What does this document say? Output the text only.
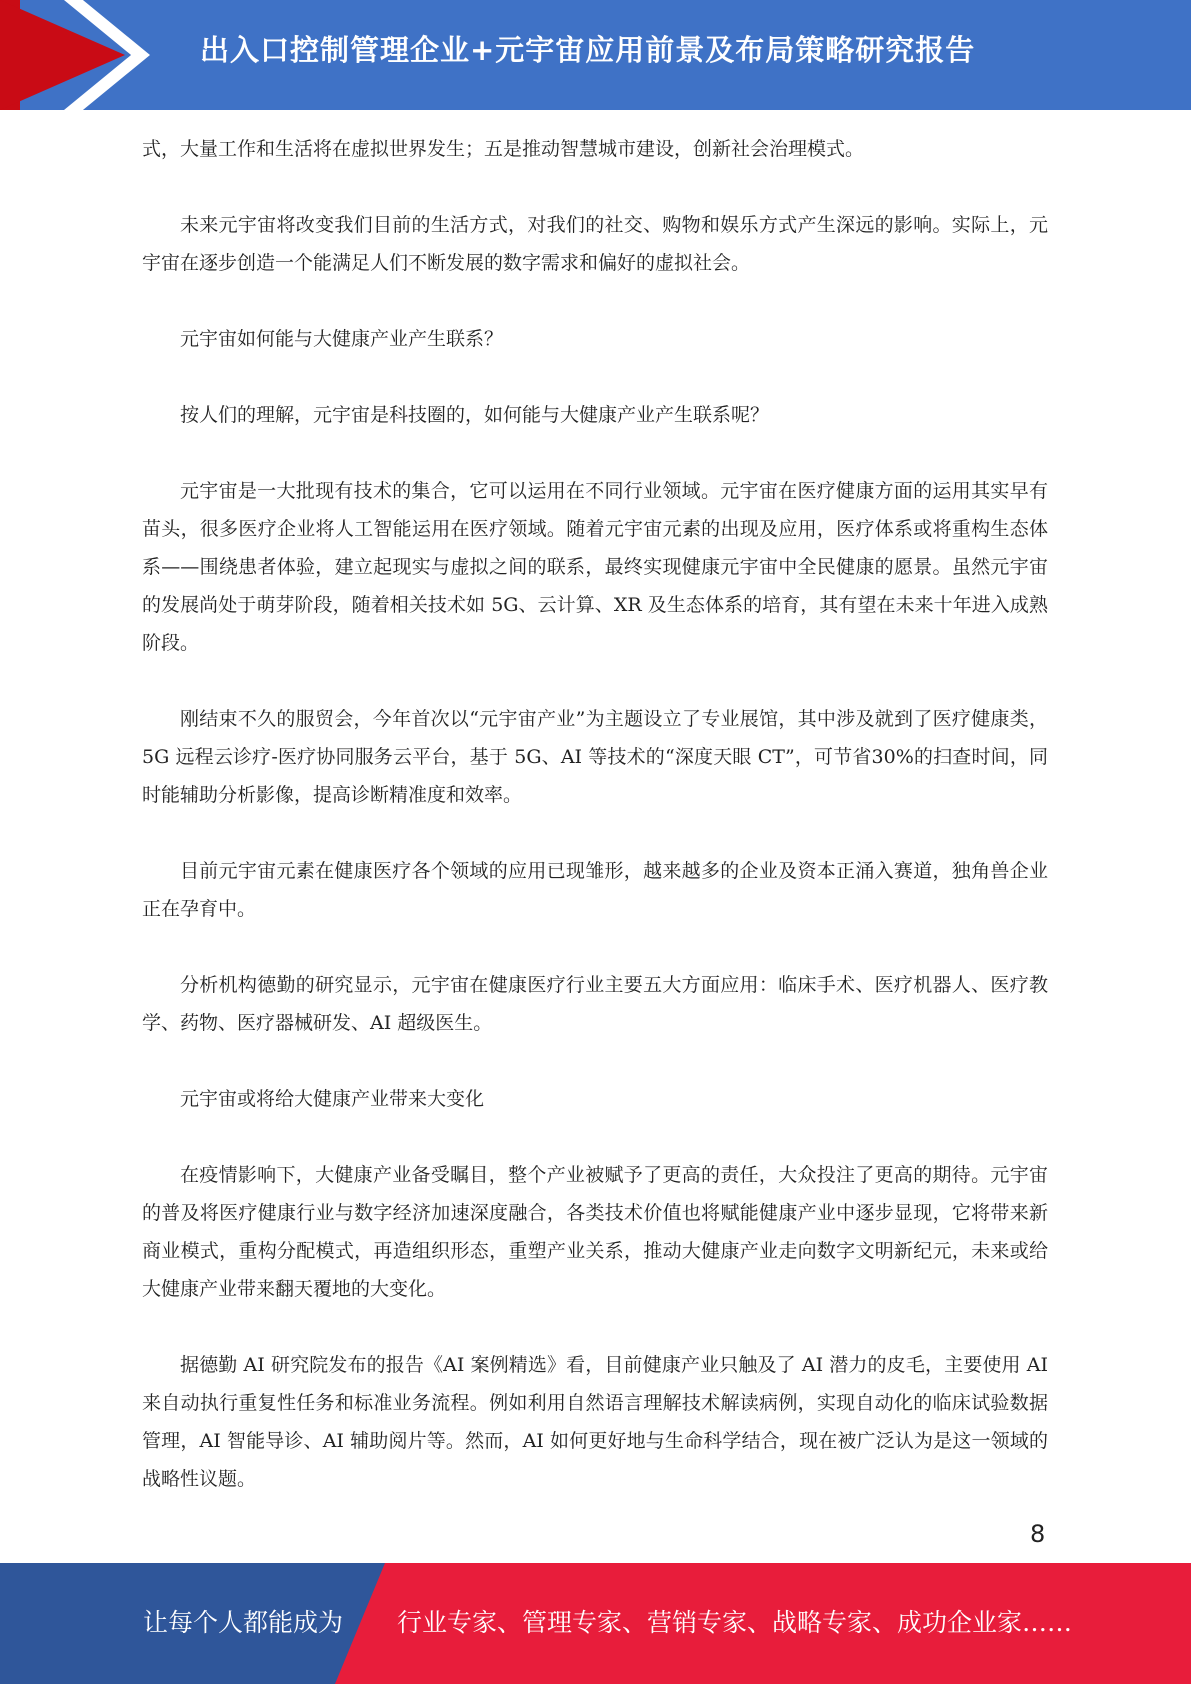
出入口控制管理企业+元宇宙应用前景及布局策略研究报告

式，大量工作和生活将在虚拟世界发生；五是推动智慧城市建设，创新社会治理模式。

未来元宇宙将改变我们目前的生活方式，对我们的社交、购物和娱乐方式产生深远的影响。实际上，元宇宙在逐步创造一个能满足人们不断发展的数字需求和偏好的虚拟社会。

元宇宙如何能与大健康产业产生联系？

按人们的理解，元宇宙是科技圈的，如何能与大健康产业产生联系呢？

元宇宙是一大批现有技术的集合，它可以运用在不同行业领域。元宇宙在医疗健康方面的运用其实早有苗头，很多医疗企业将人工智能运用在医疗领域。随着元宇宙元素的出现及应用，医疗体系或将重构生态体系——围绕患者体验，建立起现实与虚拟之间的联系，最终实现健康元宇宙中全民健康的愿景。虽然元宇宙的发展尚处于萌芽阶段，随着相关技术如 5G、云计算、XR 及生态体系的培育，其有望在未来十年进入成熟阶段。

刚结束不久的服贸会，今年首次以“元宇宙产业”为主题设立了专业展馆，其中涉及就到了医疗健康类，5G 远程云诊疗-医疗协同服务云平台，基于 5G、AI 等技术的“深度天眼 CT”，可节省30%的扫查时间，同时能辅助分析影像，提高诊断精准度和效率。

目前元宇宙元素在健康医疗各个领域的应用已现雏形，越来越多的企业及资本正涌入赛道，独角兽企业正在孕育中。

分析机构德勤的研究显示，元宇宙在健康医疗行业主要五大方面应用：临床手术、医疗机器人、医疗教学、药物、医疗器械研发、AI 超级医生。

元宇宙或将给大健康产业带来大变化

在疫情影响下，大健康产业备受瞩目，整个产业被赋予了更高的责任，大众投注了更高的期待。元宇宙的普及将医疗健康行业与数字经济加速深度融合，各类技术价值也将赋能健康产业中逐步显现，它将带来新商业模式，重构分配模式，再造组织形态，重塑产业关系，推动大健康产业走向数字文明新纪元，未来或给大健康产业带来翻天覆地的大变化。

据德勤 AI 研究院发布的报告《AI 案例精选》看，目前健康产业只触及了 AI 潜力的皮毛，主要使用 AI 来自动执行重复性任务和标准业务流程。例如利用自然语言理解技术解读病例，实现自动化的临床试验数据管理，AI 智能导诊、AI 辅助阅片等。然而，AI 如何更好地与生命科学结合，现在被广泛认为是这一领域的战略性议题。

8
让每个人都能成为 行业专家、管理专家、营销专家、战略专家、成功企业家……
